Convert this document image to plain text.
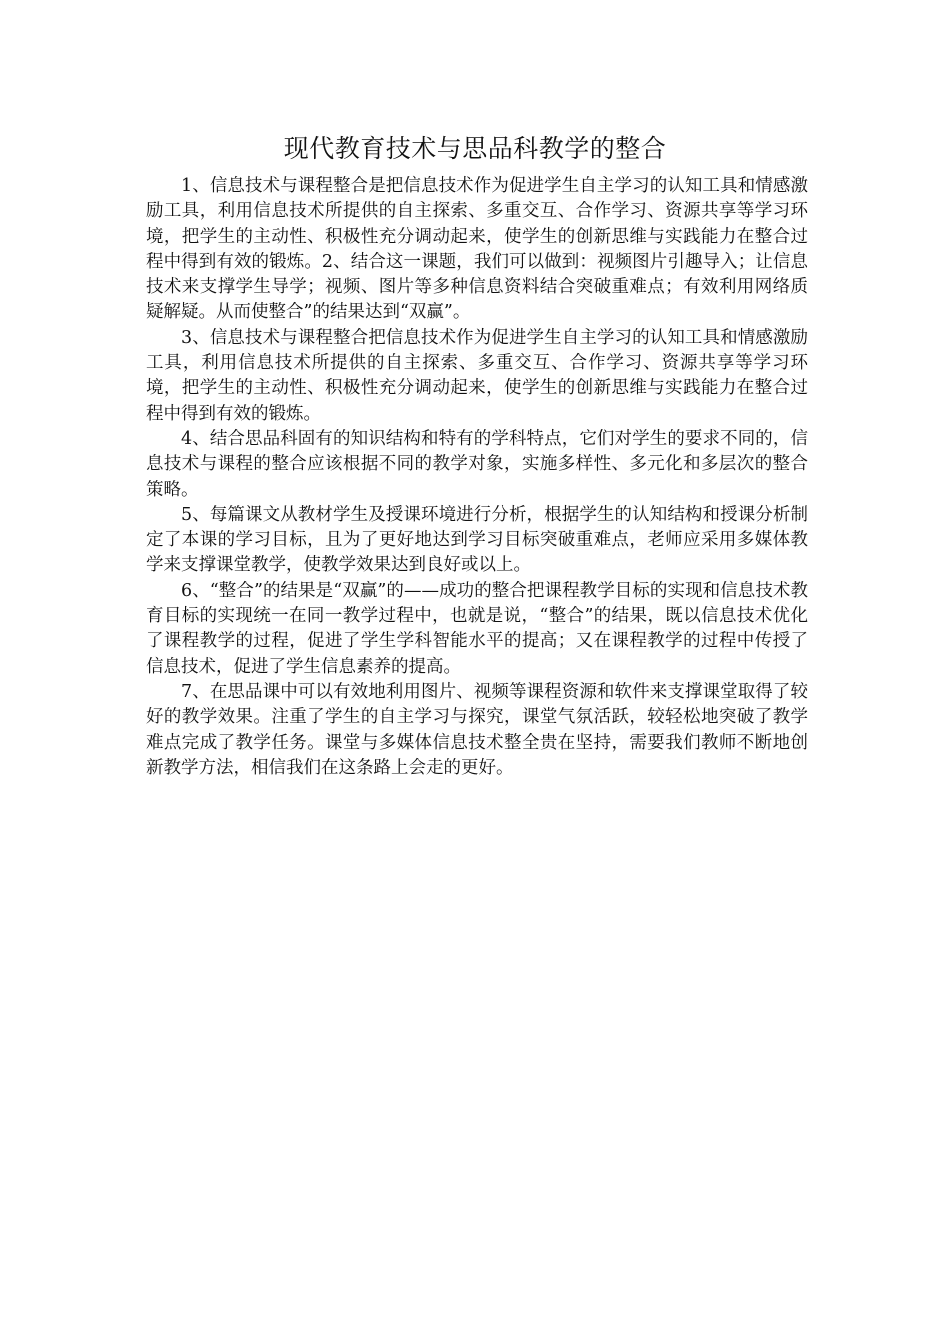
现代教育技术与思品科教学的整合

1、信息技术与课程整合是把信息技术作为促进学生自主学习的认知工具和情感激励工具，利用信息技术所提供的自主探索、多重交互、合作学习、资源共享等学习环境，把学生的主动性、积极性充分调动起来，使学生的创新思维与实践能力在整合过程中得到有效的锻炼。2、结合这一课题，我们可以做到：视频图片引趣导入；让信息技术来支撑学生导学；视频、图片等多种信息资料结合突破重难点；有效利用网络质疑解疑。从而使整合”的结果达到“双赢”。

3、信息技术与课程整合把信息技术作为促进学生自主学习的认知工具和情感激励工具，利用信息技术所提供的自主探索、多重交互、合作学习、资源共享等学习环境，把学生的主动性、积极性充分调动起来，使学生的创新思维与实践能力在整合过程中得到有效的锻炼。

4、结合思品科固有的知识结构和特有的学科特点，它们对学生的要求不同的，信息技术与课程的整合应该根据不同的教学对象，实施多样性、多元化和多层次的整合策略。

5、每篇课文从教材学生及授课环境进行分析，根据学生的认知结构和授课分析制定了本课的学习目标，且为了更好地达到学习目标突破重难点，老师应采用多媒体教学来支撑课堂教学，使教学效果达到良好或以上。

6、“整合”的结果是“双赢”的——成功的整合把课程教学目标的实现和信息技术教育目标的实现统一在同一教学过程中，也就是说，“整合”的结果，既以信息技术优化了课程教学的过程，促进了学生学科智能水平的提高；又在课程教学的过程中传授了信息技术，促进了学生信息素养的提高。

7、在思品课中可以有效地利用图片、视频等课程资源和软件来支撑课堂取得了较好的教学效果。注重了学生的自主学习与探究，课堂气氛活跃，较轻松地突破了教学难点完成了教学任务。课堂与多媒体信息技术整全贵在坚持，需要我们教师不断地创新教学方法，相信我们在这条路上会走的更好。
